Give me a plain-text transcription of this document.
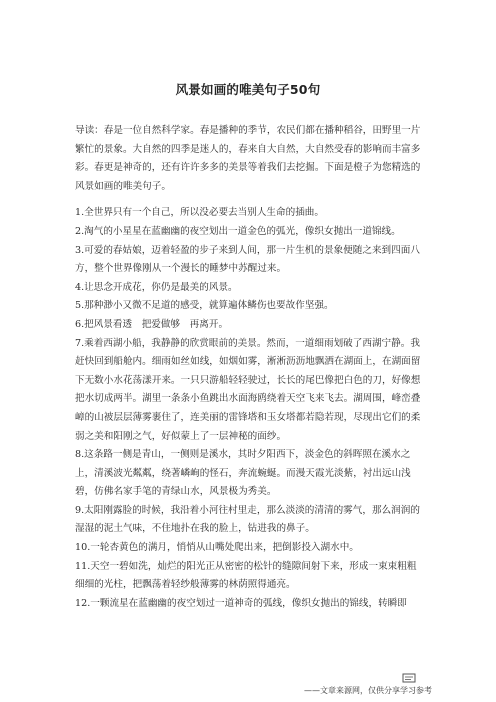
风景如画的唯美句子50句

导读：春是一位自然科学家。春是播种的季节，农民们都在播种稻谷，田野里一片繁忙的景象。大自然的四季是迷人的，春来自大自然，大自然受春的影响而丰富多彩。春更是神奇的，还有许许多多的美景等着我们去挖掘。下面是橙子为您精选的风景如画的唯美句子。

1.全世界只有一个自己，所以没必要去当别人生命的插曲。

2.淘气的小星星在蓝幽幽的夜空划出一道金色的弧光，像织女抛出一道锦线。

3.可爱的春姑娘，迈着轻盈的步子来到人间，那一片生机的景象便随之来到四面八方，整个世界像刚从一个漫长的睡梦中苏醒过来。

4.让思念开成花，你仍是最美的风景。

5.那种渺小又微不足道的感受，就算遍体鳞伤也要故作坚强。

6.把风景看透　把爱做够　再离开。

7.乘着西湖小船，我静静的欣赏眼前的美景。然而，一道细雨划破了西湖宁静。我赶快回到船舱内。细雨如丝如线，如烟如雾，淅淅沥沥地飘洒在湖面上，在湖面留下无数小水花荡漾开来。一只只游船轻轻驶过，长长的尾巴像把白色的刀，好像想把水切成两半。湖里一条条小鱼跳出水面海鸥绕着天空飞来飞去。湖周围，峰峦叠嶂的山被层层薄雾裹住了，连美丽的雷锋塔和玉女塔都若隐若现，尽现出它们的柔弱之美和阳刚之气，好似蒙上了一层神秘的面纱。

8.这条路一侧是青山，一侧则是溪水，其时夕阳西下，淡金色的斜晖照在溪水之上，清溪波光粼粼，绕著嶙峋的怪石，奔流蜿蜒。而漫天霞光淡紫，衬出远山浅碧，仿佛名家手笔的青绿山水，风景极为秀美。

9.太阳刚露脸的时候，我沿着小河往村里走，那么淡淡的清清的雾气，那么润润的湿湿的泥土气味，不住地扑在我的脸上，钻进我的鼻子。

10.一轮杏黄色的满月，悄悄从山嘴处爬出来，把倒影投入湖水中。

11.天空一碧如洗，灿烂的阳光正从密密的松针的缝隙间射下来，形成一束束粗粗细细的光柱，把飘荡着轻纱般薄雾的林荫照得通亮。

12.一颗流星在蓝幽幽的夜空划过一道神奇的弧线，像织女抛出的锦线，转瞬即

——文章来源网，仅供分享学习参考
